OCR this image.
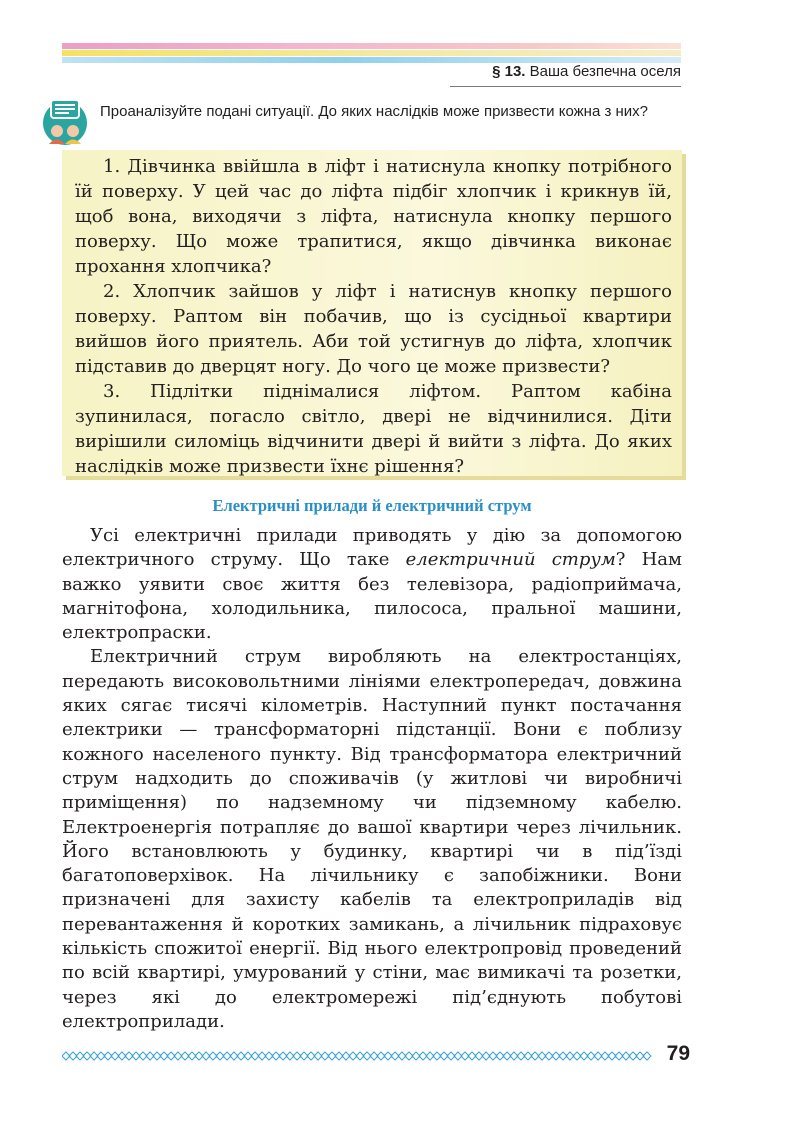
§ 13. Ваша безпечна оселя
Проаналізуйте подані ситуації. До яких наслідків може призвести кожна з них?

1. Дівчинка ввійшла в ліфт і натиснула кнопку потрібного їй поверху. У цей час до ліфта підбіг хлопчик і крикнув їй, щоб вона, виходячи з ліфта, натиснула кнопку першого поверху. Що може трапитися, якщо дівчинка виконає прохання хлопчика?

2. Хлопчик зайшов у ліфт і натиснув кнопку першого поверху. Раптом він побачив, що із сусідньої квартири вийшов його приятель. Аби той устигнув до ліфта, хлопчик підставив до дверцят ногу. До чого це може призвести?

3. Підлітки піднімалися ліфтом. Раптом кабіна зупинилася, погасло світло, двері не відчинилися. Діти вирішили силоміць відчинити двері й вийти з ліфта. До яких наслідків може призвести їхнє рішення?

Електричні прилади й електричний струм

Усі електричні прилади приводять у дію за допомогою електричного струму. Що таке електричний струм? Нам важко уявити своє життя без телевізора, радіоприймача, магнітофона, холодильника, пилососа, пральної машини, електропраски.

Електричний струм виробляють на електростанціях, передають високовольтними лініями електропередач, довжина яких сягає тисячі кілометрів. Наступний пункт постачання електрики — трансформаторні підстанції. Вони є поблизу кожного населеного пункту. Від трансформатора електричний струм надходить до споживачів (у житлові чи виробничі приміщення) по надземному чи підземному кабелю. Електроенергія потрапляє до вашої квартири через лічильник. Його встановлюють у будинку, квартирі чи в під’їзді багатоповерхівок. На лічильнику є запобіжники. Вони призначені для захисту кабелів та електроприладів від перевантаження й коротких замикань, а лічильник підраховує кількість спожитої енергії. Від нього електропровід проведений по всій квартирі, умурований у стіни, має вимикачі та розетки, через які до електромережі під’єднують побутові електроприлади.

79
